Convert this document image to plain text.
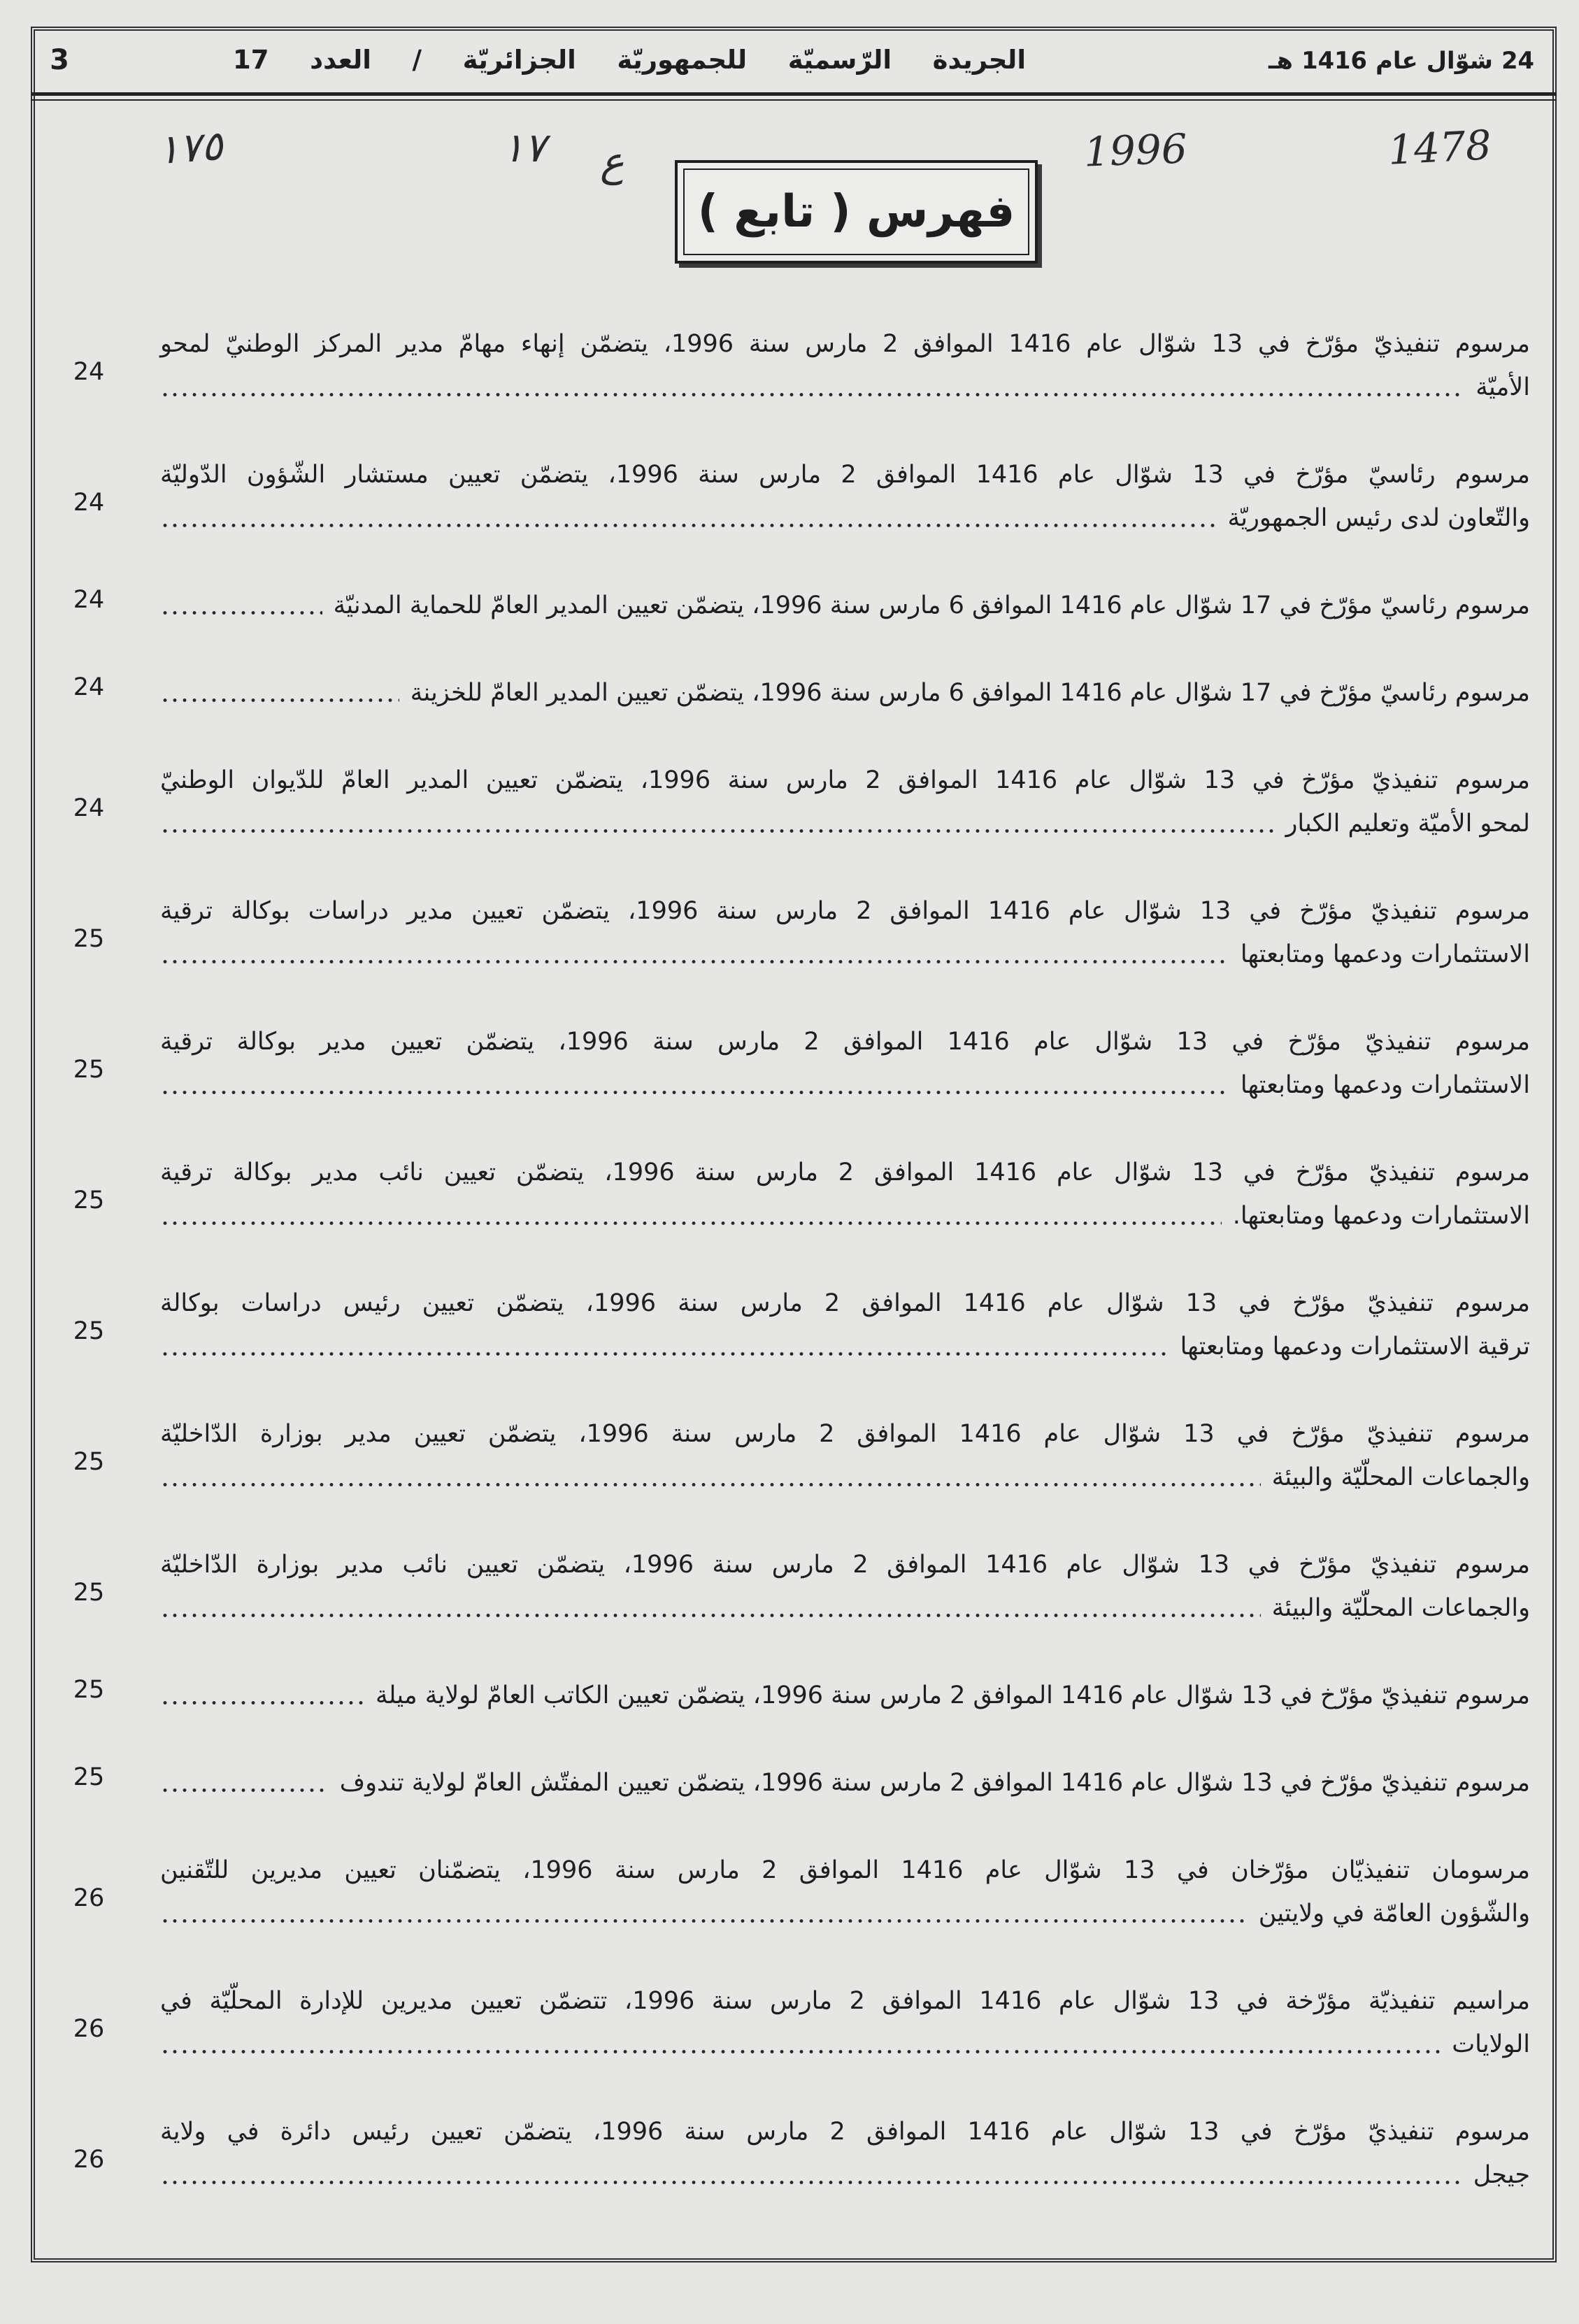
3	الجريدة الرّسميّة للجمهوريّة الجزائريّة / العدد 17	24 شوّال عام 1416 هـ
1478
1996
ع
١٧
١٧٥
فهرس ( تابع )
مرسوم تنفيذيّ مؤرّخ في 13 شوّال عام 1416 الموافق 2 مارس سنة 1996، يتضمّن إنهاء مهامّ مدير المركز الوطنيّ لمحو
الأميّة
24
مرسوم رئاسيّ مؤرّخ في 13 شوّال عام 1416 الموافق 2 مارس سنة 1996، يتضمّن تعيين مستشار الشّؤون الدّوليّة
والتّعاون لدى رئيس الجمهوريّة
24
مرسوم رئاسيّ مؤرّخ في 17 شوّال عام 1416 الموافق 6 مارس سنة 1996، يتضمّن تعيين المدير العامّ للحماية المدنيّة
24
مرسوم رئاسيّ مؤرّخ في 17 شوّال عام 1416 الموافق 6 مارس سنة 1996، يتضمّن تعيين المدير العامّ للخزينة
24
مرسوم تنفيذيّ مؤرّخ في 13 شوّال عام 1416 الموافق 2 مارس سنة 1996، يتضمّن تعيين المدير العامّ للدّيوان الوطنيّ
لمحو الأميّة وتعليم الكبار
24
مرسوم تنفيذيّ مؤرّخ في 13 شوّال عام 1416 الموافق 2 مارس سنة 1996، يتضمّن تعيين مدير دراسات بوكالة ترقية
الاستثمارات ودعمها ومتابعتها
25
مرسوم تنفيذيّ مؤرّخ في 13 شوّال عام 1416 الموافق 2 مارس سنة 1996، يتضمّن تعيين مدير بوكالة ترقية
الاستثمارات ودعمها ومتابعتها
25
مرسوم تنفيذيّ مؤرّخ في 13 شوّال عام 1416 الموافق 2 مارس سنة 1996، يتضمّن تعيين نائب مدير بوكالة ترقية
الاستثمارات ودعمها ومتابعتها.
25
مرسوم تنفيذيّ مؤرّخ في 13 شوّال عام 1416 الموافق 2 مارس سنة 1996، يتضمّن تعيين رئيس دراسات بوكالة
ترقية الاستثمارات ودعمها ومتابعتها
25
مرسوم تنفيذيّ مؤرّخ في 13 شوّال عام 1416 الموافق 2 مارس سنة 1996، يتضمّن تعيين مدير بوزارة الدّاخليّة
والجماعات المحلّيّة والبيئة
25
مرسوم تنفيذيّ مؤرّخ في 13 شوّال عام 1416 الموافق 2 مارس سنة 1996، يتضمّن تعيين نائب مدير بوزارة الدّاخليّة
والجماعات المحلّيّة والبيئة
25
مرسوم تنفيذيّ مؤرّخ في 13 شوّال عام 1416 الموافق 2 مارس سنة 1996، يتضمّن تعيين الكاتب العامّ لولاية ميلة
25
مرسوم تنفيذيّ مؤرّخ في 13 شوّال عام 1416 الموافق 2 مارس سنة 1996، يتضمّن تعيين المفتّش العامّ لولاية تندوف
25
مرسومان تنفيذيّان مؤرّخان في 13 شوّال عام 1416 الموافق 2 مارس سنة 1996، يتضمّنان تعيين مديرين للتّقنين
والشّؤون العامّة في ولايتين
26
مراسيم تنفيذيّة مؤرّخة في 13 شوّال عام 1416 الموافق 2 مارس سنة 1996، تتضمّن تعيين مديرين للإدارة المحلّيّة في
الولايات
26
مرسوم تنفيذيّ مؤرّخ في 13 شوّال عام 1416 الموافق 2 مارس سنة 1996، يتضمّن تعيين رئيس دائرة في ولاية
جيجل
26
